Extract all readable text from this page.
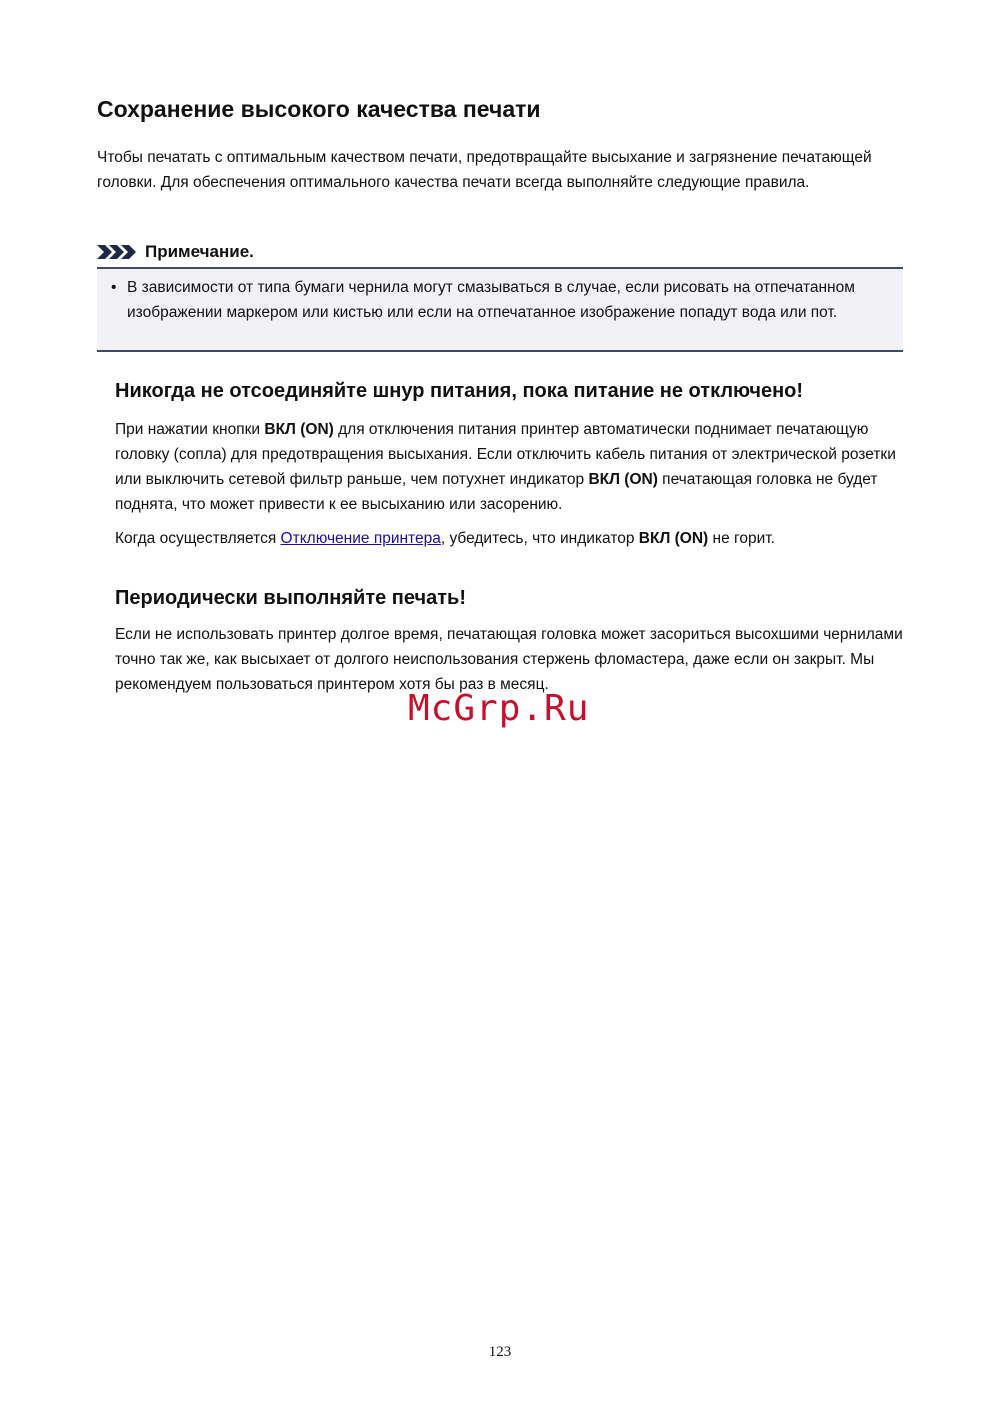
Сохранение высокого качества печати

Чтобы печатать с оптимальным качеством печати, предотвращайте высыхание и загрязнение печатающей головки. Для обеспечения оптимального качества печати всегда выполняйте следующие правила.

Примечание.
• В зависимости от типа бумаги чернила могут смазываться в случае, если рисовать на отпечатанном изображении маркером или кистью или если на отпечатанное изображение попадут вода или пот.
Никогда не отсоединяйте шнур питания, пока питание не отключено!

При нажатии кнопки ВКЛ (ON) для отключения питания принтер автоматически поднимает печатающую головку (сопла) для предотвращения высыхания. Если отключить кабель питания от электрической розетки или выключить сетевой фильтр раньше, чем потухнет индикатор ВКЛ (ON) печатающая головка не будет поднята, что может привести к ее высыханию или засорению.

Когда осуществляется Отключение принтера, убедитесь, что индикатор ВКЛ (ON) не горит.

Периодически выполняйте печать!

Если не использовать принтер долгое время, печатающая головка может засориться высохшими чернилами точно так же, как высыхает от долгого неиспользования стержень фломастера, даже если он закрыт. Мы рекомендуем пользоваться принтером хотя бы раз в месяц.

McGrp.Ru
123
